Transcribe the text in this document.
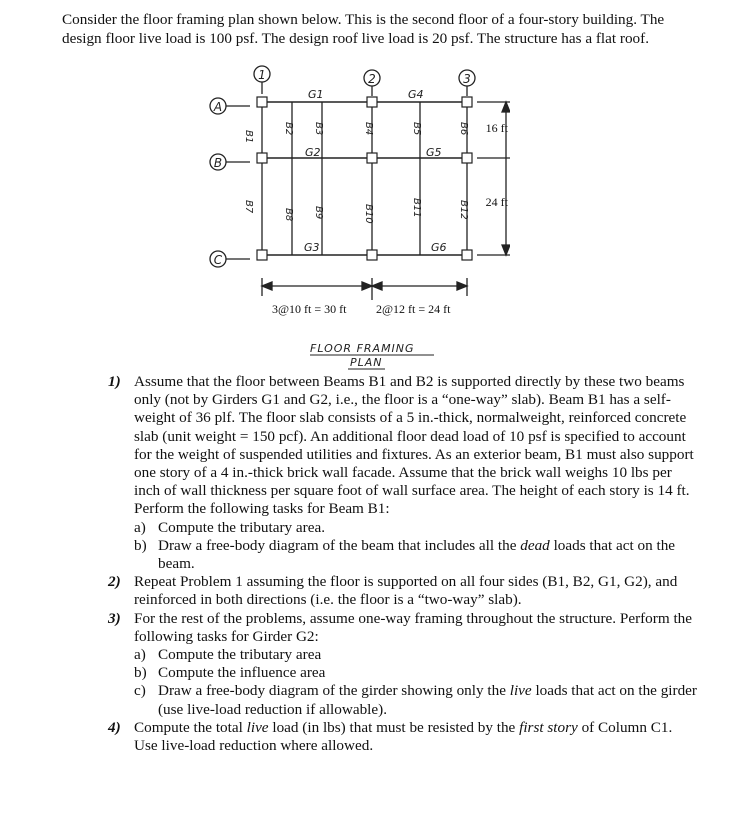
Consider the floor framing plan shown below. This is the second floor of a four-story building. The design floor live load is 100 psf. The design roof live load is 20 psf. The structure has a flat roof.
1	2	3
A
B
C
G1	G4
G2	G5
G3	G6
B1
B2 B3	B4	B5	B6
B7
B8 B9	B10	B11	B12
16 ft
24 ft
3@10 ft = 30 ft 2@12 ft = 24 ft
FLOOR FRAMING
PLAN
1) Assume that the floor between Beams B1 and B2 is supported directly by these two beams only (not by Girders G1 and G2, i.e., the floor is a “one-way” slab). Beam B1 has a self-weight of 36 plf. The floor slab consists of a 5 in.-thick, normalweight, reinforced concrete slab (unit weight = 150 pcf). An additional floor dead load of 10 psf is specified to account for the weight of suspended utilities and fixtures. As an exterior beam, B1 must also support one story of a 4 in.-thick brick wall facade. Assume that the brick wall weighs 10 lbs per inch of wall thickness per square foot of wall surface area. The height of each story is 14 ft. Perform the following tasks for Beam B1:
a) Compute the tributary area.
b) Draw a free-body diagram of the beam that includes all the dead loads that act on the beam.
2) Repeat Problem 1 assuming the floor is supported on all four sides (B1, B2, G1, G2), and reinforced in both directions (i.e. the floor is a “two-way” slab).
3) For the rest of the problems, assume one-way framing throughout the structure. Perform the following tasks for Girder G2:
a) Compute the tributary area
b) Compute the influence area
c) Draw a free-body diagram of the girder showing only the live loads that act on the girder (use live-load reduction if allowable).
4) Compute the total live load (in lbs) that must be resisted by the first story of Column C1. Use live-load reduction where allowed.
